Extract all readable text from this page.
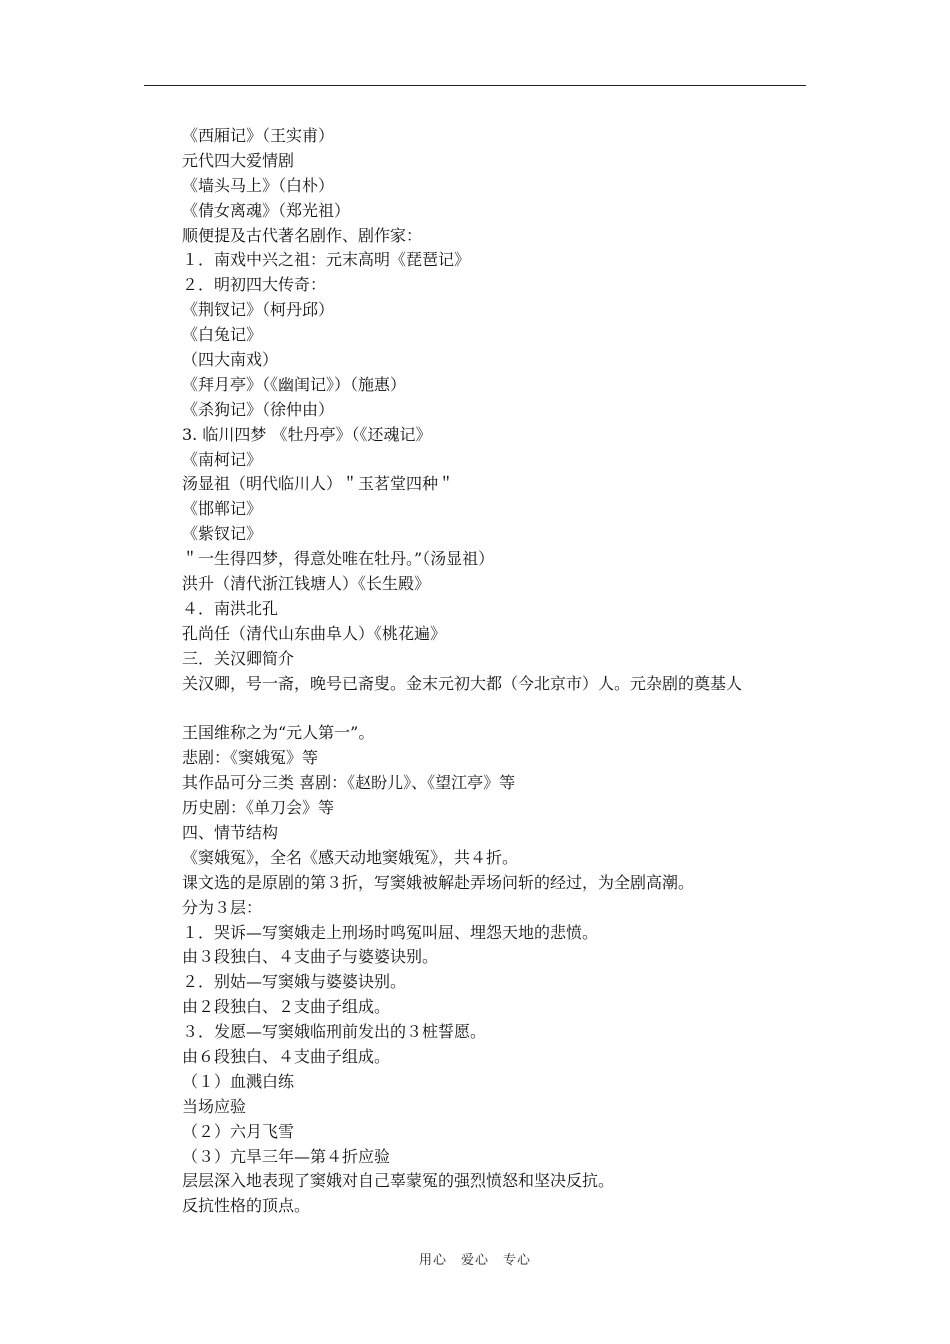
《西厢记》（王实甫）
元代四大爱情剧
《墙头马上》（白朴）
《倩女离魂》（郑光祖）
顺便提及古代著名剧作、剧作家：
１．南戏中兴之祖：元末高明《琵琶记》
２．明初四大传奇：
《荆钗记》（柯丹邱）
《白兔记》
（四大南戏）
《拜月亭》（《幽闺记》）（施惠）
《杀狗记》（徐仲由）
3. 临川四梦 《牡丹亭》（《还魂记》
《南柯记》
汤显祖（明代临川人）＂玉茗堂四种＂
《邯郸记》
《紫钗记》
＂一生得四梦，得意处唯在牡丹。”（汤显祖）
洪升（清代浙江钱塘人）《长生殿》
４．南洪北孔
孔尚任（清代山东曲阜人）《桃花遍》
三．关汉卿简介
关汉卿，号一斋，晚号已斋叟。金末元初大都（今北京市）人。元杂剧的奠基人
王国维称之为“元人第一”。
悲剧：《窦娥冤》等
其作品可分三类 喜剧：《赵盼儿》、《望江亭》等
历史剧：《单刀会》等
四、情节结构
《窦娥冤》，全名《感天动地窦娥冤》，共４折。
课文选的是原剧的第３折，写窦娥被解赴弄场问斩的经过，为全剧高潮。
分为３层：
１．哭诉—写窦娥走上刑场时鸣冤叫屈、埋怨天地的悲愤。
由３段独白、４支曲子与婆婆诀别。
２．别姑—写窦娥与婆婆诀别。
由２段独白、２支曲子组成。
３．发愿—写窦娥临刑前发出的３桩誓愿。
由６段独白、４支曲子组成。
（１）血溅白练
当场应验
（２）六月飞雪
（３）亢旱三年—第４折应验
层层深入地表现了窦娥对自己辜蒙冤的强烈愤怒和坚决反抗。
反抗性格的顶点。
用心　爱心　专心
